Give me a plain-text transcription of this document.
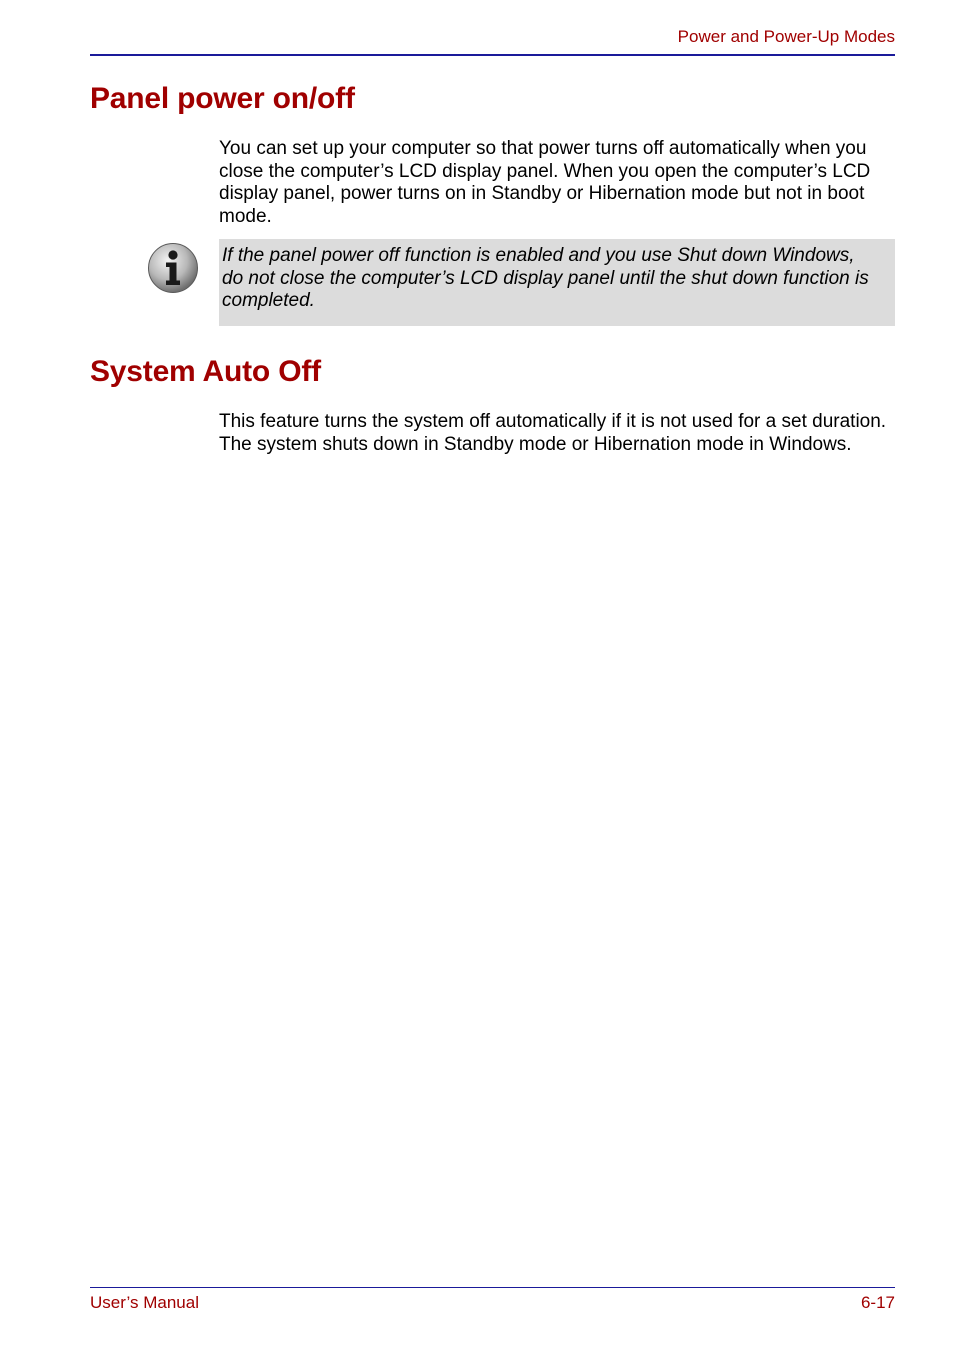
Power and Power-Up Modes
Panel power on/off

You can set up your computer so that power turns off automatically when you close the computer’s LCD display panel. When you open the computer’s LCD display panel, power turns on in Standby or Hibernation mode but not in boot mode.

If the panel power off function is enabled and you use Shut down Windows, do not close the computer’s LCD display panel until the shut down function is completed.

System Auto Off

This feature turns the system off automatically if it is not used for a set duration. The system shuts down in Standby mode or Hibernation mode in Windows.

User’s Manual	6-17
